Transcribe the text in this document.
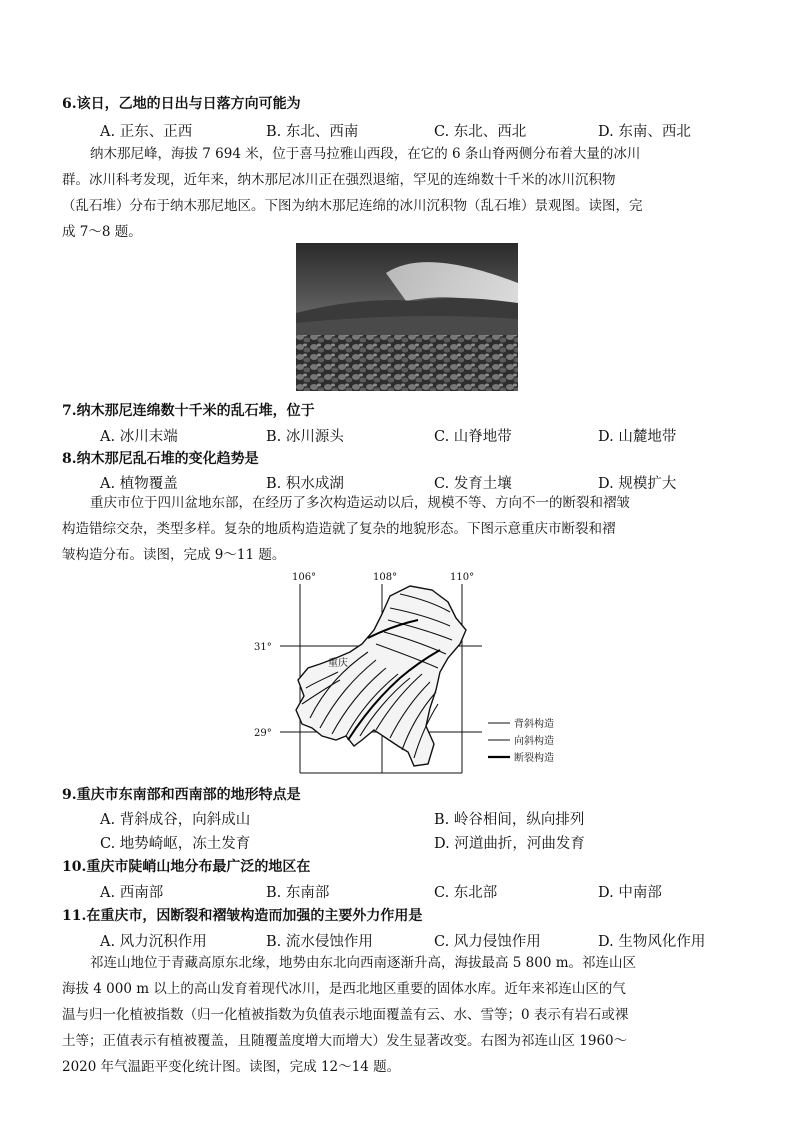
6.该日，乙地的日出与日落方向可能为
A. 正东、正西	B. 东北、西南	C. 东北、西北	D. 东南、西北

纳木那尼峰，海拔 7 694 米，位于喜马拉雅山西段，在它的 6 条山脊两侧分布着大量的冰川

群。冰川科考发现，近年来，纳木那尼冰川正在强烈退缩，罕见的连绵数十千米的冰川沉积物

（乱石堆）分布于纳木那尼地区。下图为纳木那尼连绵的冰川沉积物（乱石堆）景观图。读图，完

成 7～8 题。

7.纳木那尼连绵数十千米的乱石堆，位于
A. 冰川末端	B. 冰川源头	C. 山脊地带	D. 山麓地带
8.纳木那尼乱石堆的变化趋势是
A. 植物覆盖	B. 积水成湖	C. 发育土壤	D. 规模扩大

重庆市位于四川盆地东部，在经历了多次构造运动以后，规模不等、方向不一的断裂和褶皱

构造错综交杂，类型多样。复杂的地质构造造就了复杂的地貌形态。下图示意重庆市断裂和褶

皱构造分布。读图，完成 9～11 题。

106°	108°	110°
31°
29°
重庆
背斜构造
向斜构造
断裂构造
9.重庆市东南部和西南部的地形特点是
A. 背斜成谷，向斜成山	B. 岭谷相间，纵向排列
C. 地势崎岖，冻土发育	D. 河道曲折，河曲发育
10.重庆市陡峭山地分布最广泛的地区在
A. 西南部	B. 东南部	C. 东北部	D. 中南部
11.在重庆市，因断裂和褶皱构造而加强的主要外力作用是
A. 风力沉积作用	B. 流水侵蚀作用	C. 风力侵蚀作用	D. 生物风化作用

祁连山地位于青藏高原东北缘，地势由东北向西南逐渐升高，海拔最高 5 800 m。祁连山区

海拔 4 000 m 以上的高山发育着现代冰川，是西北地区重要的固体水库。近年来祁连山区的气

温与归一化植被指数（归一化植被指数为负值表示地面覆盖有云、水、雪等；0 表示有岩石或裸

土等；正值表示有植被覆盖，且随覆盖度增大而增大）发生显著改变。右图为祁连山区 1960～

2020 年气温距平变化统计图。读图，完成 12～14 题。
